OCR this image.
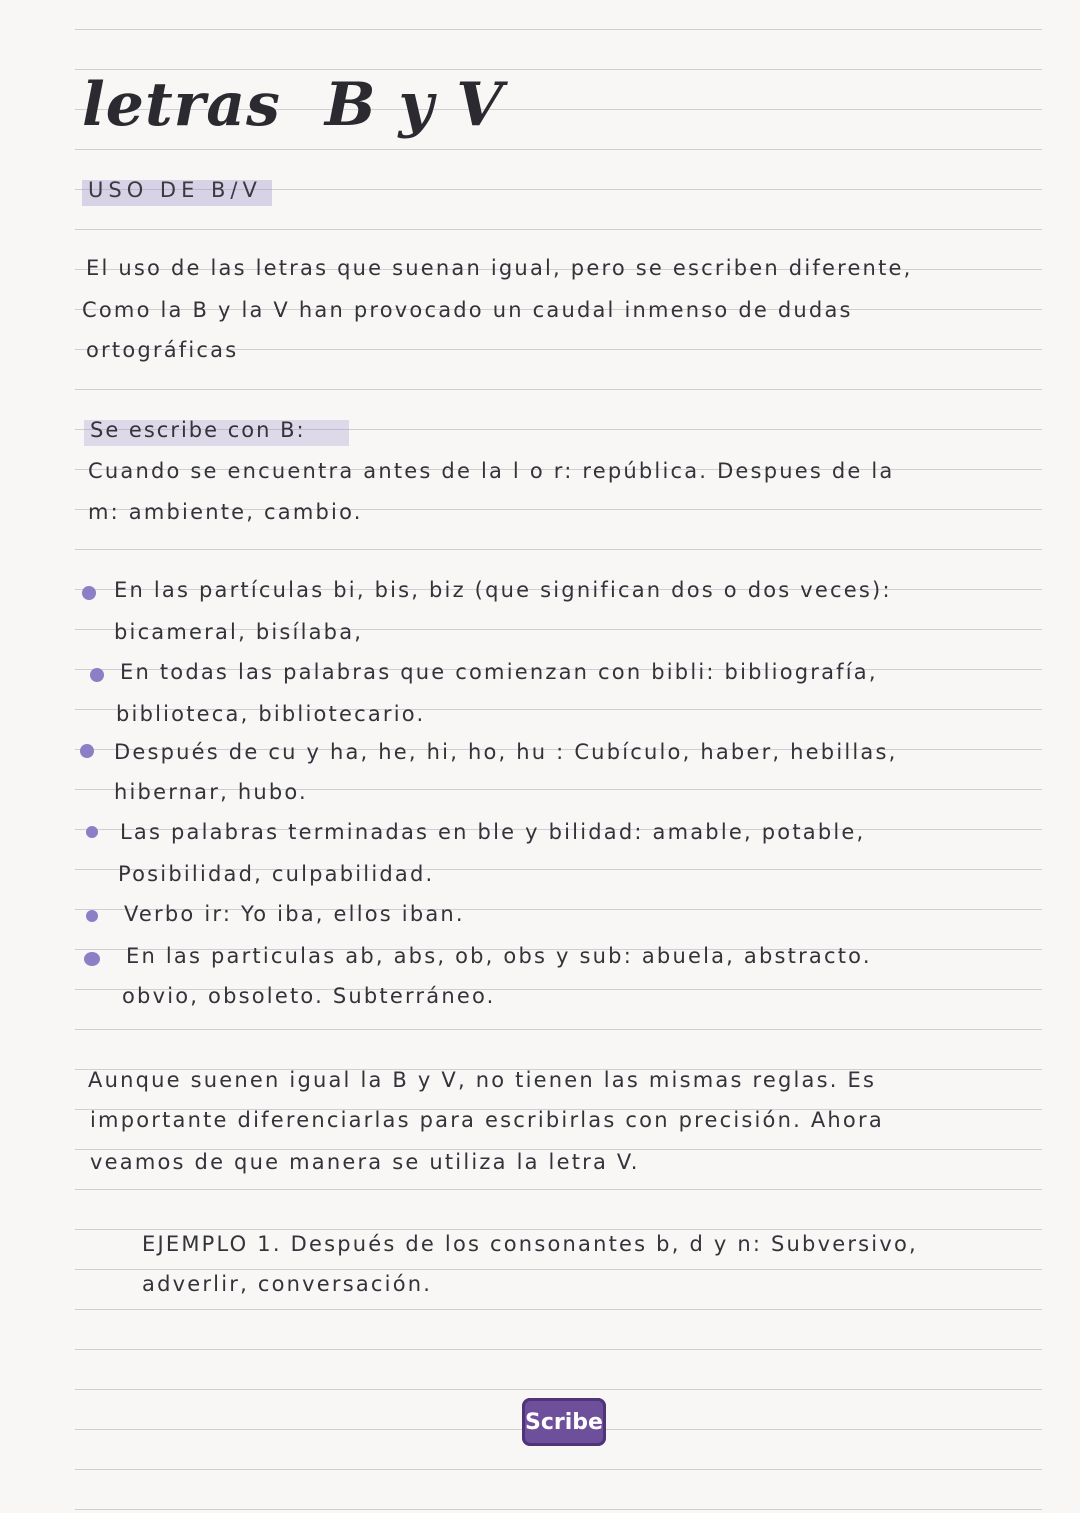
letras B y V
USO DE B/V
El uso de las letras que suenan igual, pero se escriben diferente,
Como la B y la V han provocado un caudal inmenso de dudas
ortográficas
Se escribe con B:
Cuando se encuentra antes de la l o r: república. Despues de la
m: ambiente, cambio.
En las partículas bi, bis, biz (que significan dos o dos veces):
bicameral, bisílaba,
En todas las palabras que comienzan con bibli: bibliografía,
biblioteca, bibliotecario.
Después de cu y ha, he, hi, ho, hu : Cubículo, haber, hebillas,
hibernar, hubo.
Las palabras terminadas en ble y bilidad: amable, potable,
Posibilidad, culpabilidad.
Verbo ir: Yo iba, ellos iban.
En las particulas ab, abs, ob, obs y sub: abuela, abstracto.
obvio, obsoleto. Subterráneo.
Aunque suenen igual la B y V, no tienen las mismas reglas. Es
importante diferenciarlas para escribirlas con precisión. Ahora
veamos de que manera se utiliza la letra V.
EJEMPLO 1. Después de los consonantes b, d y n: Subversivo,
adverlir, conversación.
Scribe
